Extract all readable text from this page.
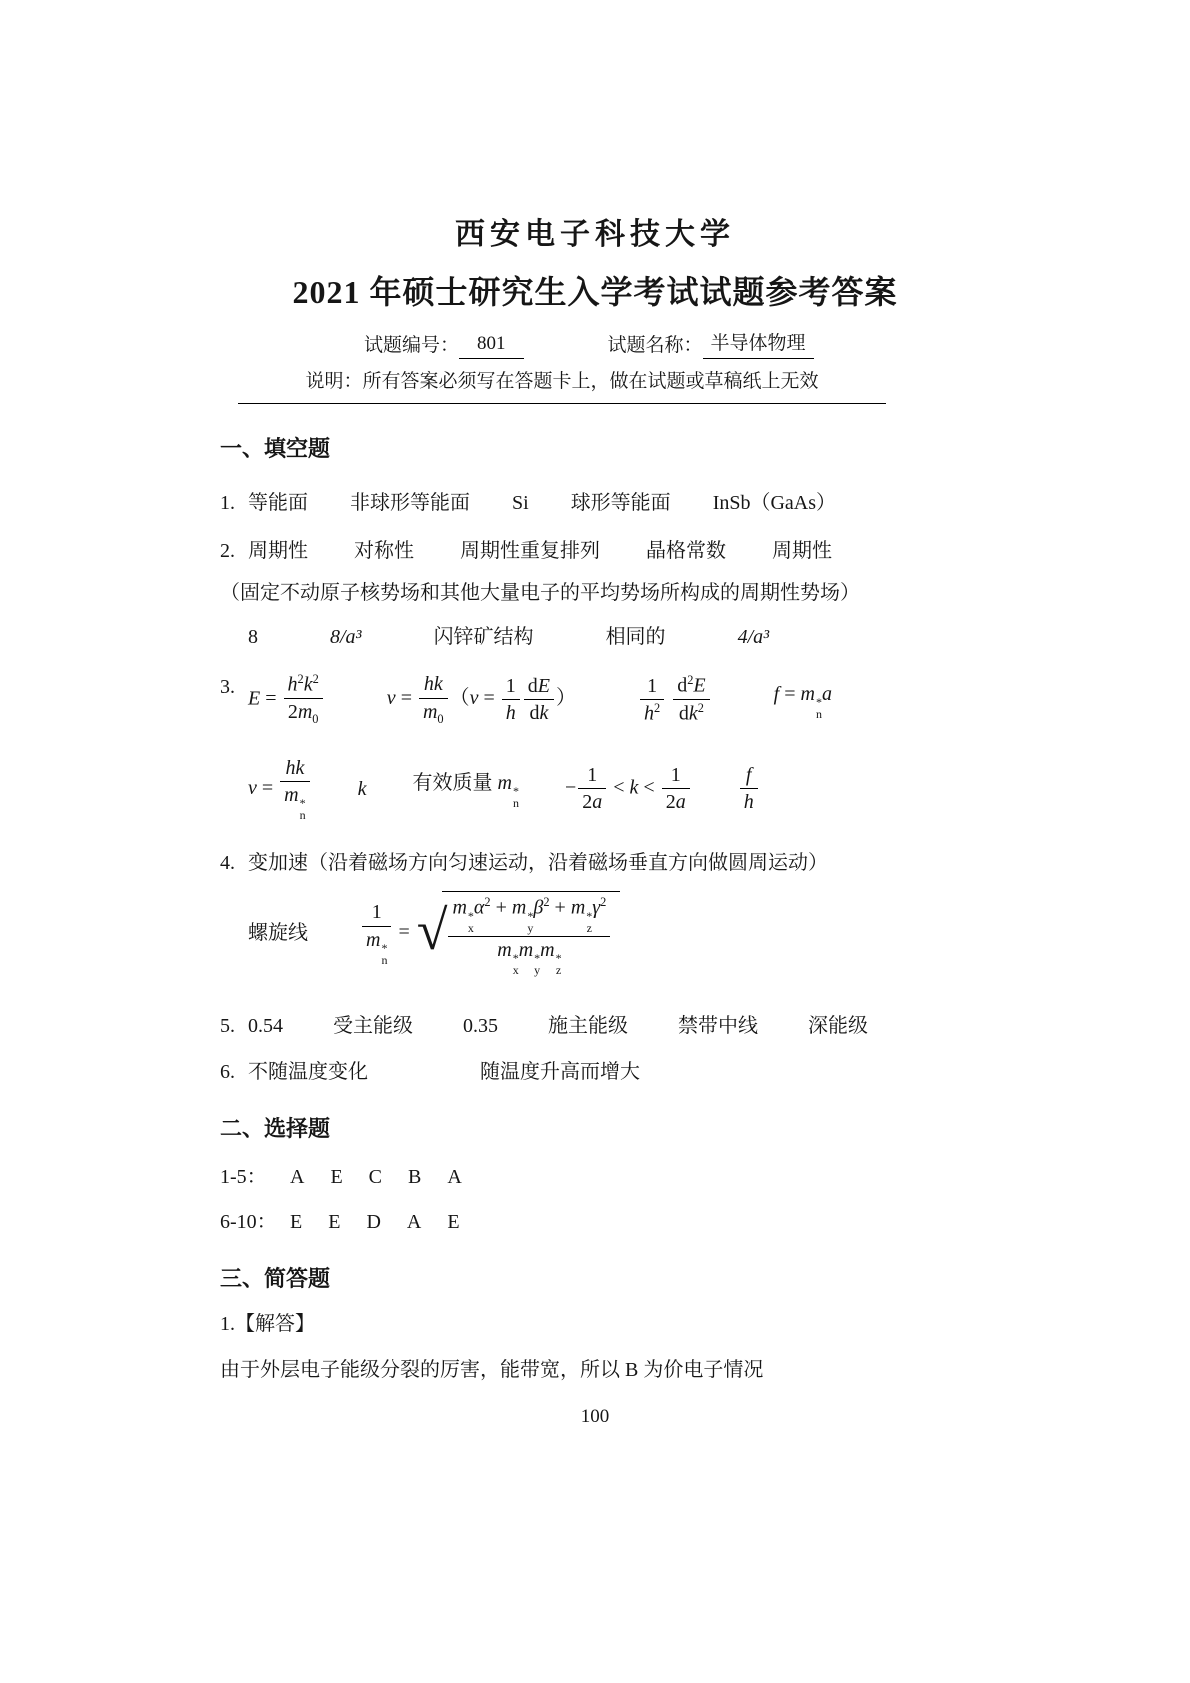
西安电子科技大学
2021 年硕士研究生入学考试试题参考答案
试题编号： 801	试题名称： 半导体物理
说明：所有答案必须写在答题卡上，做在试题或草稿纸上无效
一、填空题
1. 等能面 非球形等能面 Si 球形等能面 InSb（GaAs）
2. 周期性 对称性 周期性重复排列 晶格常数 周期性
（固定不动原子核势场和其他大量电子的平均势场所构成的周期性势场）
8	8/a³	闪锌矿结构	相同的	4/a³
3.
$E = \frac{h^2k^2}{2m_0}$	$v = \frac{hk}{m_0} (v = \frac{1}{h} \frac{dE}{dk}$ ）	$\frac{1}{h^2}$
$\frac{d^2E}{dk^2}$	f = m *
n
a
v = hk
m *
n k 有效质量 m *
n
− $\frac{1}{2a} < k < \frac{1}{2a}$	$\frac{f}{h}$
4. 变加速（沿着磁场方向匀速运动，沿着磁场垂直方向做圆周运动）
螺旋线	1
m *
n = √ m *
x
$\alpha^2 + m$ *
y
$\beta^2 + m$ *
z
$\gamma^2$
m *
x
m *
y
m *
z
5. 0.54	受主能级	0.35	施主能级	禁带中线	深能级
6. 不随温度变化	随温度升高而增大
二、选择题
1-5：	A E C B A
6-10： E E D A E
三、简答题
1.【解答】
由于外层电子能级分裂的厉害，能带宽，所以 B 为价电子情况
100
